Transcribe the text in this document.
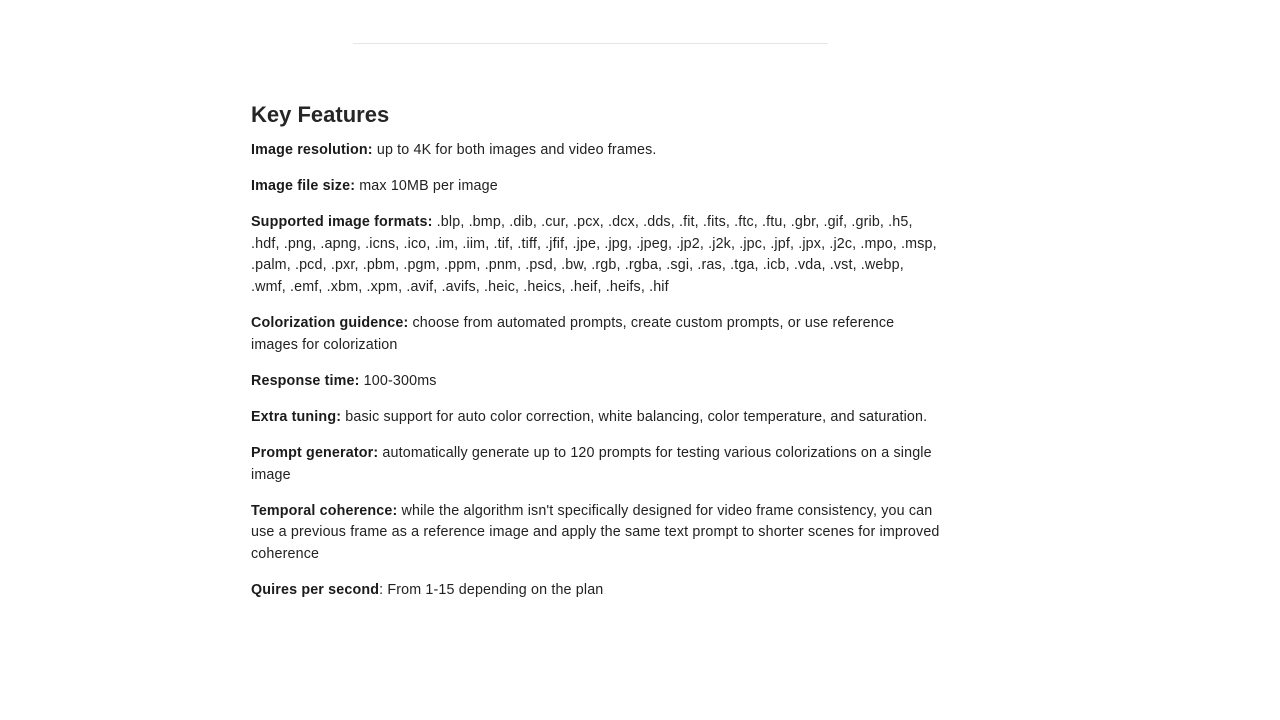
Key Features

Image resolution: up to 4K for both images and video frames.

Image file size: max 10MB per image

Supported image formats: .blp, .bmp, .dib, .cur, .pcx, .dcx, .dds, .fit, .fits, .ftc, .ftu, .gbr, .gif, .grib, .h5, .hdf, .png, .apng, .icns, .ico, .im, .iim, .tif, .tiff, .jfif, .jpe, .jpg, .jpeg, .jp2, .j2k, .jpc, .jpf, .jpx, .j2c, .mpo, .msp, .palm, .pcd, .pxr, .pbm, .pgm, .ppm, .pnm, .psd, .bw, .rgb, .rgba, .sgi, .ras, .tga, .icb, .vda, .vst, .webp, .wmf, .emf, .xbm, .xpm, .avif, .avifs, .heic, .heics, .heif, .heifs, .hif

Colorization guidence: choose from automated prompts, create custom prompts, or use reference images for colorization

Response time: 100-300ms

Extra tuning: basic support for auto color correction, white balancing, color temperature, and saturation.

Prompt generator: automatically generate up to 120 prompts for testing various colorizations on a single image

Temporal coherence: while the algorithm isn't specifically designed for video frame consistency, you can use a previous frame as a reference image and apply the same text prompt to shorter scenes for improved coherence

Quires per second: From 1-15 depending on the plan
